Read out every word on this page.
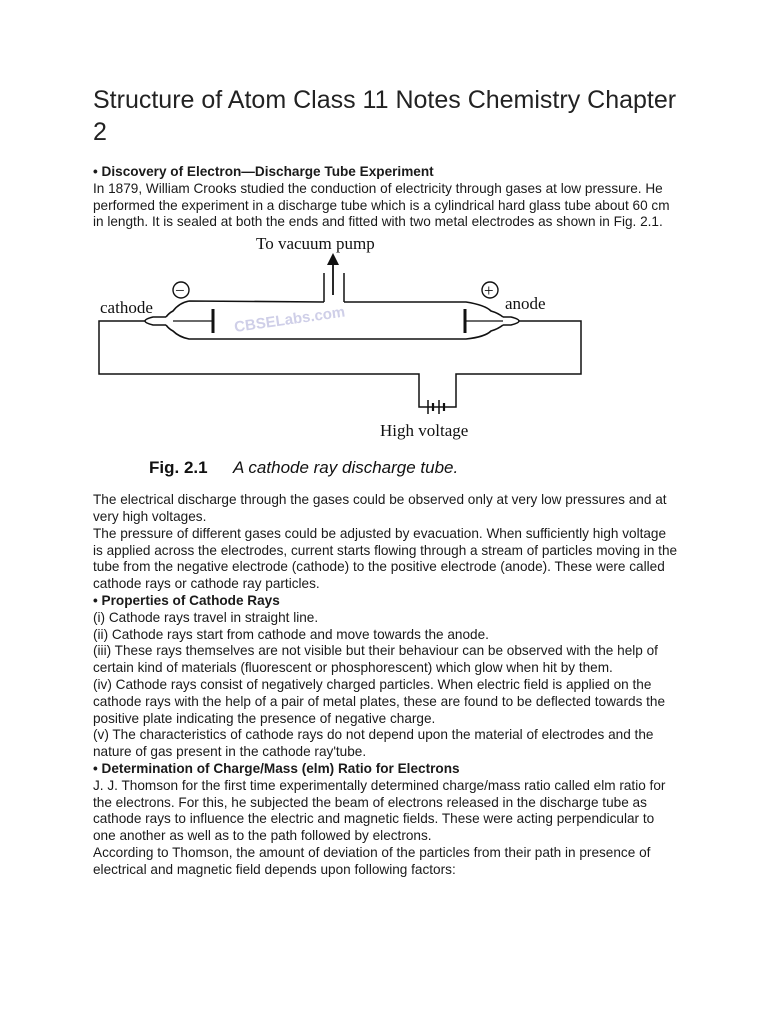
Structure of Atom Class 11 Notes Chemistry Chapter 2

• Discovery of Electron—Discharge Tube Experiment

In 1879, William Crooks studied the conduction of electricity through gases at low pressure. He performed the experiment in a discharge tube which is a cylindrical hard glass tube about 60 cm in length. It is sealed at both the ends and fitted with two metal electrodes as shown in Fig. 2.1.

To vacuum pump
cathode
−
anode
+
CBSELabs.com
High voltage
Fig. 2.1 A cathode ray discharge tube.

The electrical discharge through the gases could be observed only at very low pressures and at very high voltages.

The pressure of different gases could be adjusted by evacuation. When sufficiently high voltage is applied across the electrodes, current starts flowing through a stream of particles moving in the tube from the negative electrode (cathode) to the positive electrode (anode). These were called cathode rays or cathode ray particles.

• Properties of Cathode Rays

(i) Cathode rays travel in straight line.

(ii) Cathode rays start from cathode and move towards the anode.

(iii) These rays themselves are not visible but their behaviour can be observed with the help of certain kind of materials (fluorescent or phosphorescent) which glow when hit by them.

(iv) Cathode rays consist of negatively charged particles. When electric field is applied on the cathode rays with the help of a pair of metal plates, these are found to be deflected towards the positive plate indicating the presence of negative charge.

(v) The characteristics of cathode rays do not depend upon the material of electrodes and the nature of gas present in the cathode ray'tube.

• Determination of Charge/Mass (elm) Ratio for Electrons

J. J. Thomson for the first time experimentally determined charge/mass ratio called elm ratio for the electrons. For this, he subjected the beam of electrons released in the discharge tube as cathode rays to influence the electric and magnetic fields. These were acting perpendicular to one another as well as to the path followed by electrons.

According to Thomson, the amount of deviation of the particles from their path in presence of electrical and magnetic field depends upon following factors:
